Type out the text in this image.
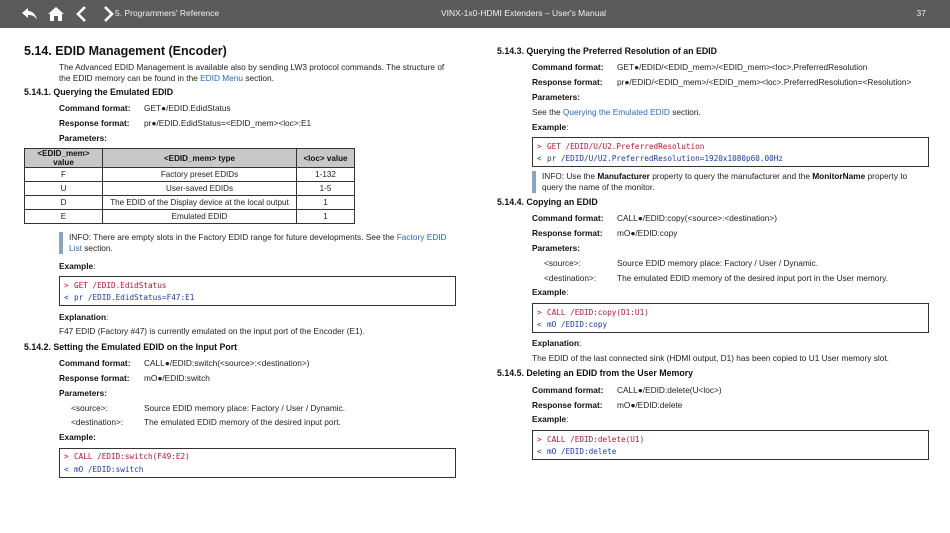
5. Programmers' Reference	VINX-1x0-HDMI Extenders – User's Manual	37
5.14. EDID Management (Encoder)
The Advanced EDID Management is available also by sending LW3 protocol commands. The structure of the EDID memory can be found in the EDID Menu section.
5.14.1. Querying the Emulated EDID
Command format:	GET●/EDID.EdidStatus
Response format:	pr●/EDID.EdidStatus=<EDID_mem><loc>:E1
Parameters:
<EDID_mem> value	<EDID_mem> type	<loc> value
F	Factory preset EDIDs	1-132
U	User-saved EDIDs	1-5
D	The EDID of the Display device at the local output	1
E	Emulated EDID	1
INFO: There are empty slots in the Factory EDID range for future developments. See the Factory EDID List section.
Example :
> GET /EDID.EdidStatus
< pr /EDID.EdidStatus=F47:E1
Explanation :
F47 EDID (Factory #47) is currently emulated on the input port of the Encoder (E1).
5.14.2. Setting the Emulated EDID on the Input Port
Command format:	CALL●/EDID:switch(<source>:<destination>)
Response format:	mO●/EDID:switch
Parameters:
<source>:	Source EDID memory place: Factory / User / Dynamic.
<destination>:	The emulated EDID memory of the desired input port.
Example:
> CALL /EDID:switch(F49:E2)
< mO /EDID:switch
5.14.3. Querying the Preferred Resolution of an EDID
Command format:	GET●/EDID/<EDID_mem>/<EDID_mem><loc>.PreferredResolution
Response format:	pr●/EDID/<EDID_mem>/<EDID_mem><loc>.PreferredResolution=<Resolution>
Parameters:
See the
Querying the Emulated EDID
section.
Example :
> GET /EDID/U/U2.PreferredResolution
< pr /EDID/U/U2.PreferredResolution=1920x1080p60.00Hz
INFO: Use the Manufacturer property to query the manufacturer and the MonitorName property to query the name of the monitor.
5.14.4. Copying an EDID
Command format:	CALL●/EDID:copy(<source>:<destination>)
Response format:	mO●/EDID:copy
Parameters:
<source>:	Source EDID memory place: Factory / User / Dynamic.
<destination>:	The emulated EDID memory of the desired input port in the User memory.
Example :
> CALL /EDID:copy(D1:U1)
< mO /EDID:copy
Explanation :
The EDID of the last connected sink (HDMI output, D1) has been copied to U1 User memory slot.
5.14.5. Deleting an EDID from the User Memory
Command format:	CALL●/EDID:delete(U<loc>)
Response format:	mO●/EDID:delete
Example :
> CALL /EDID:delete(U1)
< mO /EDID:delete
